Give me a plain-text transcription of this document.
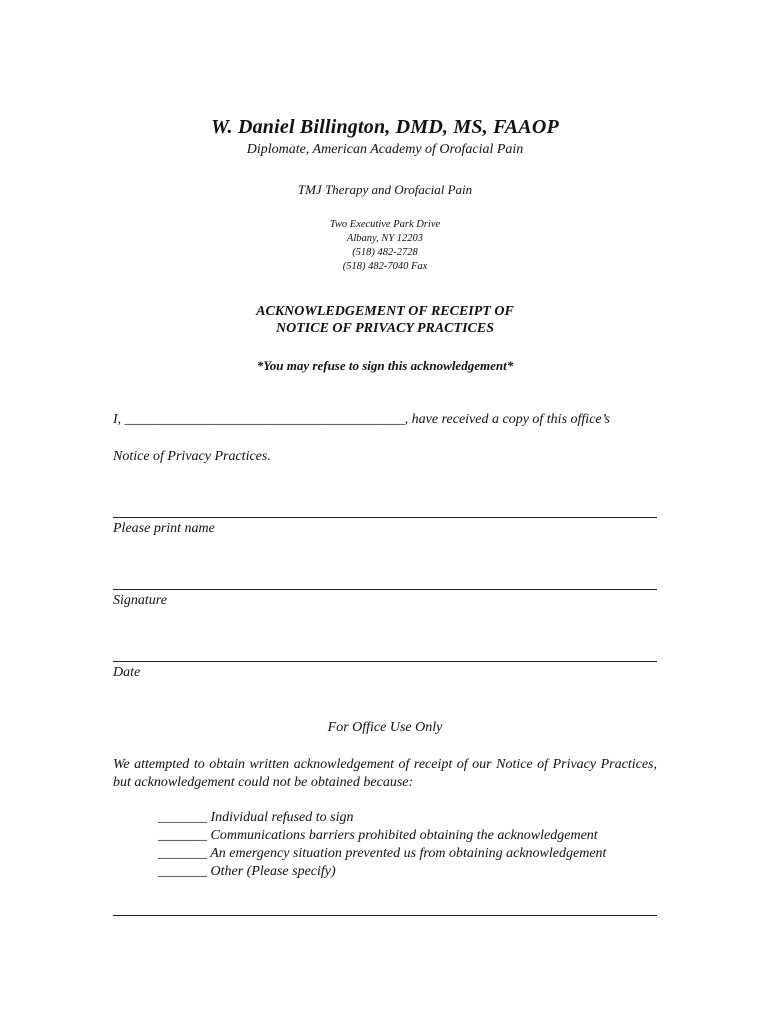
W. Daniel Billington, DMD, MS, FAAOP
Diplomate, American Academy of Orofacial Pain
TMJ Therapy and Orofacial Pain
Two Executive Park Drive
Albany, NY 12203
(518) 482-2728
(518) 482-7040 Fax
ACKNOWLEDGEMENT OF RECEIPT OF
NOTICE OF PRIVACY PRACTICES
*You may refuse to sign this acknowledgement*
I, ________________________________________, have received a copy of this office’s
Notice of Privacy Practices.
Please print name
Signature
Date
For Office Use Only
We attempted to obtain written acknowledgement of receipt of our Notice of Privacy Practices, but acknowledgement could not be obtained because:
_______ Individual refused to sign
_______ Communications barriers prohibited obtaining the acknowledgement
_______ An emergency situation prevented us from obtaining acknowledgement
_______ Other (Please specify)
